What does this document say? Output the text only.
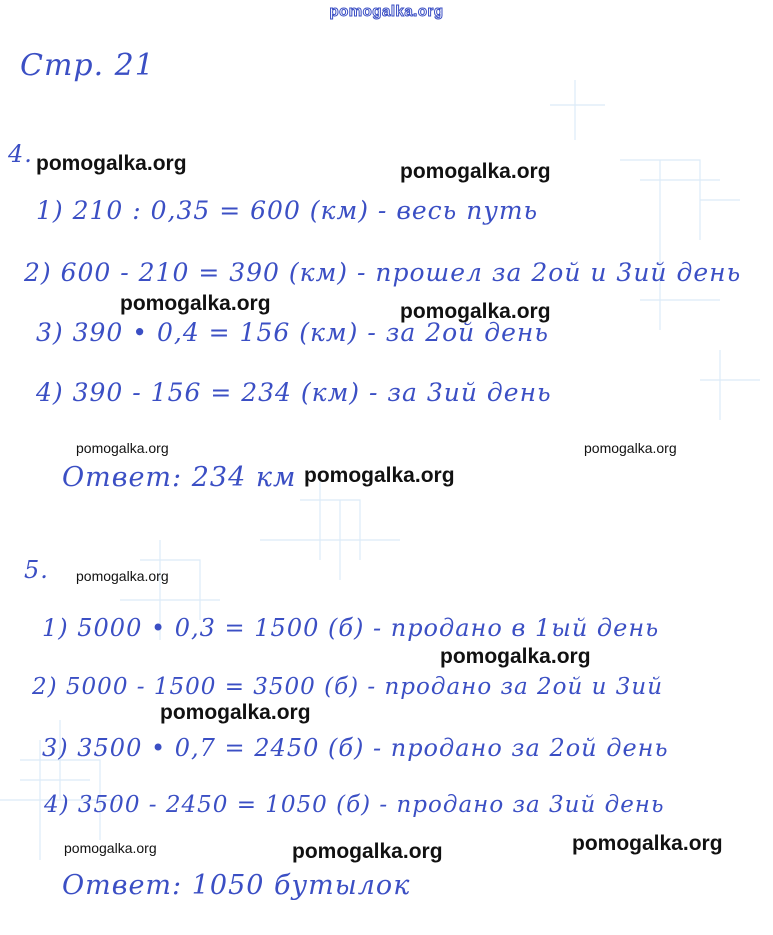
pomogalka.org
Стр. 21
4.
1) 210 : 0,35 = 600 (км) - весь путь
2) 600 - 210 = 390 (км) - прошел за 2ой и 3ий день
3) 390 • 0,4 = 156 (км) - за 2ой день
4) 390 - 156 = 234 (км) - за 3ий день
Ответ: 234 км
5.
1) 5000 • 0,3 = 1500 (б) - продано в 1ый день
2) 5000 - 1500 = 3500 (б) - продано за 2ой и 3ий
3) 3500 • 0,7 = 2450 (б) - продано за 2ой день
4) 3500 - 2450 = 1050 (б) - продано за 3ий день
Ответ: 1050 бутылок
pomogalka.org	pomogalka.org
pomogalka.org	pomogalka.org
pomogalka.org	pomogalka.org
pomogalka.org
pomogalka.org
pomogalka.org
pomogalka.org
pomogalka.org	pomogalka.org	pomogalka.org
